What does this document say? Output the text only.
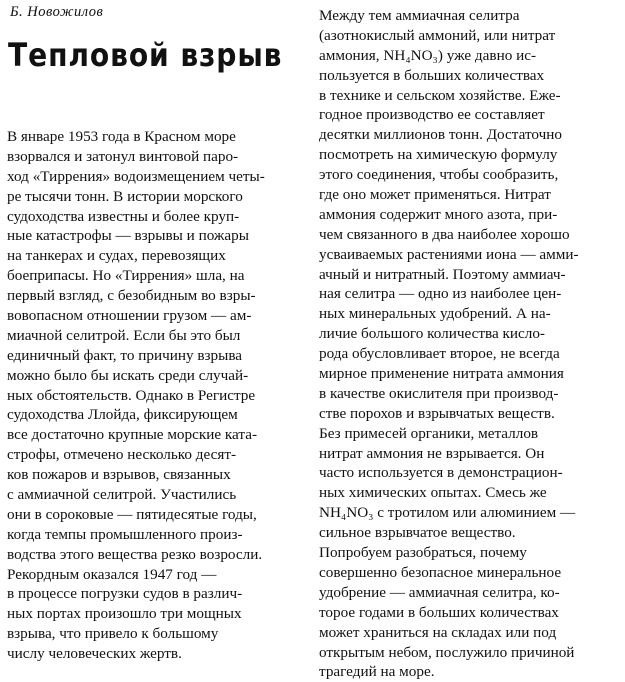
Б. Новожилов
Тепловой взрыв
В январе 1953 года в Красном море
взорвался и затонул винтовой паро-
ход «Тиррения» водоизмещением четы-
ре тысячи тонн. В истории морского
судоходства известны и более круп-
ные катастрофы — взрывы и пожары
на танкерах и судах, перевозящих
боеприпасы. Но «Тиррения» шла, на
первый взгляд, с безобидным во взры-
вовопасном отношении грузом — ам-
миачной селитрой. Если бы это был
единичный факт, то причину взрыва
можно было бы искать среди случай-
ных обстоятельств. Однако в Регистре
судоходства Ллойда, фиксирующем
все достаточно крупные морские ката-
строфы, отмечено несколько десят-
ков пожаров и взрывов, связанных
с аммиачной селитрой. Участились
они в сороковые — пятидесятые годы,
когда темпы промышленного произ-
водства этого вещества резко возросли.
Рекордным оказался 1947 год —
в процессе погрузки судов в различ-
ных портах произошло три мощных
взрыва, что привело к большому
числу человеческих жертв.
Между тем аммиачная селитра
(азотнокислый аммоний, или нитрат
аммония, NH₄NO₃) уже давно ис-
пользуется в больших количествах
в технике и сельском хозяйстве. Еже-
годное производство ее составляет
десятки миллионов тонн. Достаточно
посмотреть на химическую формулу
этого соединения, чтобы сообразить,
где оно может применяться. Нитрат
аммония содержит много азота, при-
чем связанного в два наиболее хорошо
усваиваемых растениями иона — амми-
ачный и нитратный. Поэтому аммиач-
ная селитра — одно из наиболее цен-
ных минеральных удобрений. А на-
личие большого количества кисло-
рода обусловливает второе, не всегда
мирное применение нитрата аммония
в качестве окислителя при производ-
стве порохов и взрывчатых веществ.
Без примесей органики, металлов
нитрат аммония не взрывается. Он
часто используется в демонстрацион-
ных химических опытах. Смесь же
NH₄NO₃ с тротилом или алюминием —
сильное взрывчатое вещество.
Попробуем разобраться, почему
совершенно безопасное минеральное
удобрение — аммиачная селитра, ко-
торое годами в больших количествах
может храниться на складах или под
открытым небом, послужило причиной
трагедий на море.
